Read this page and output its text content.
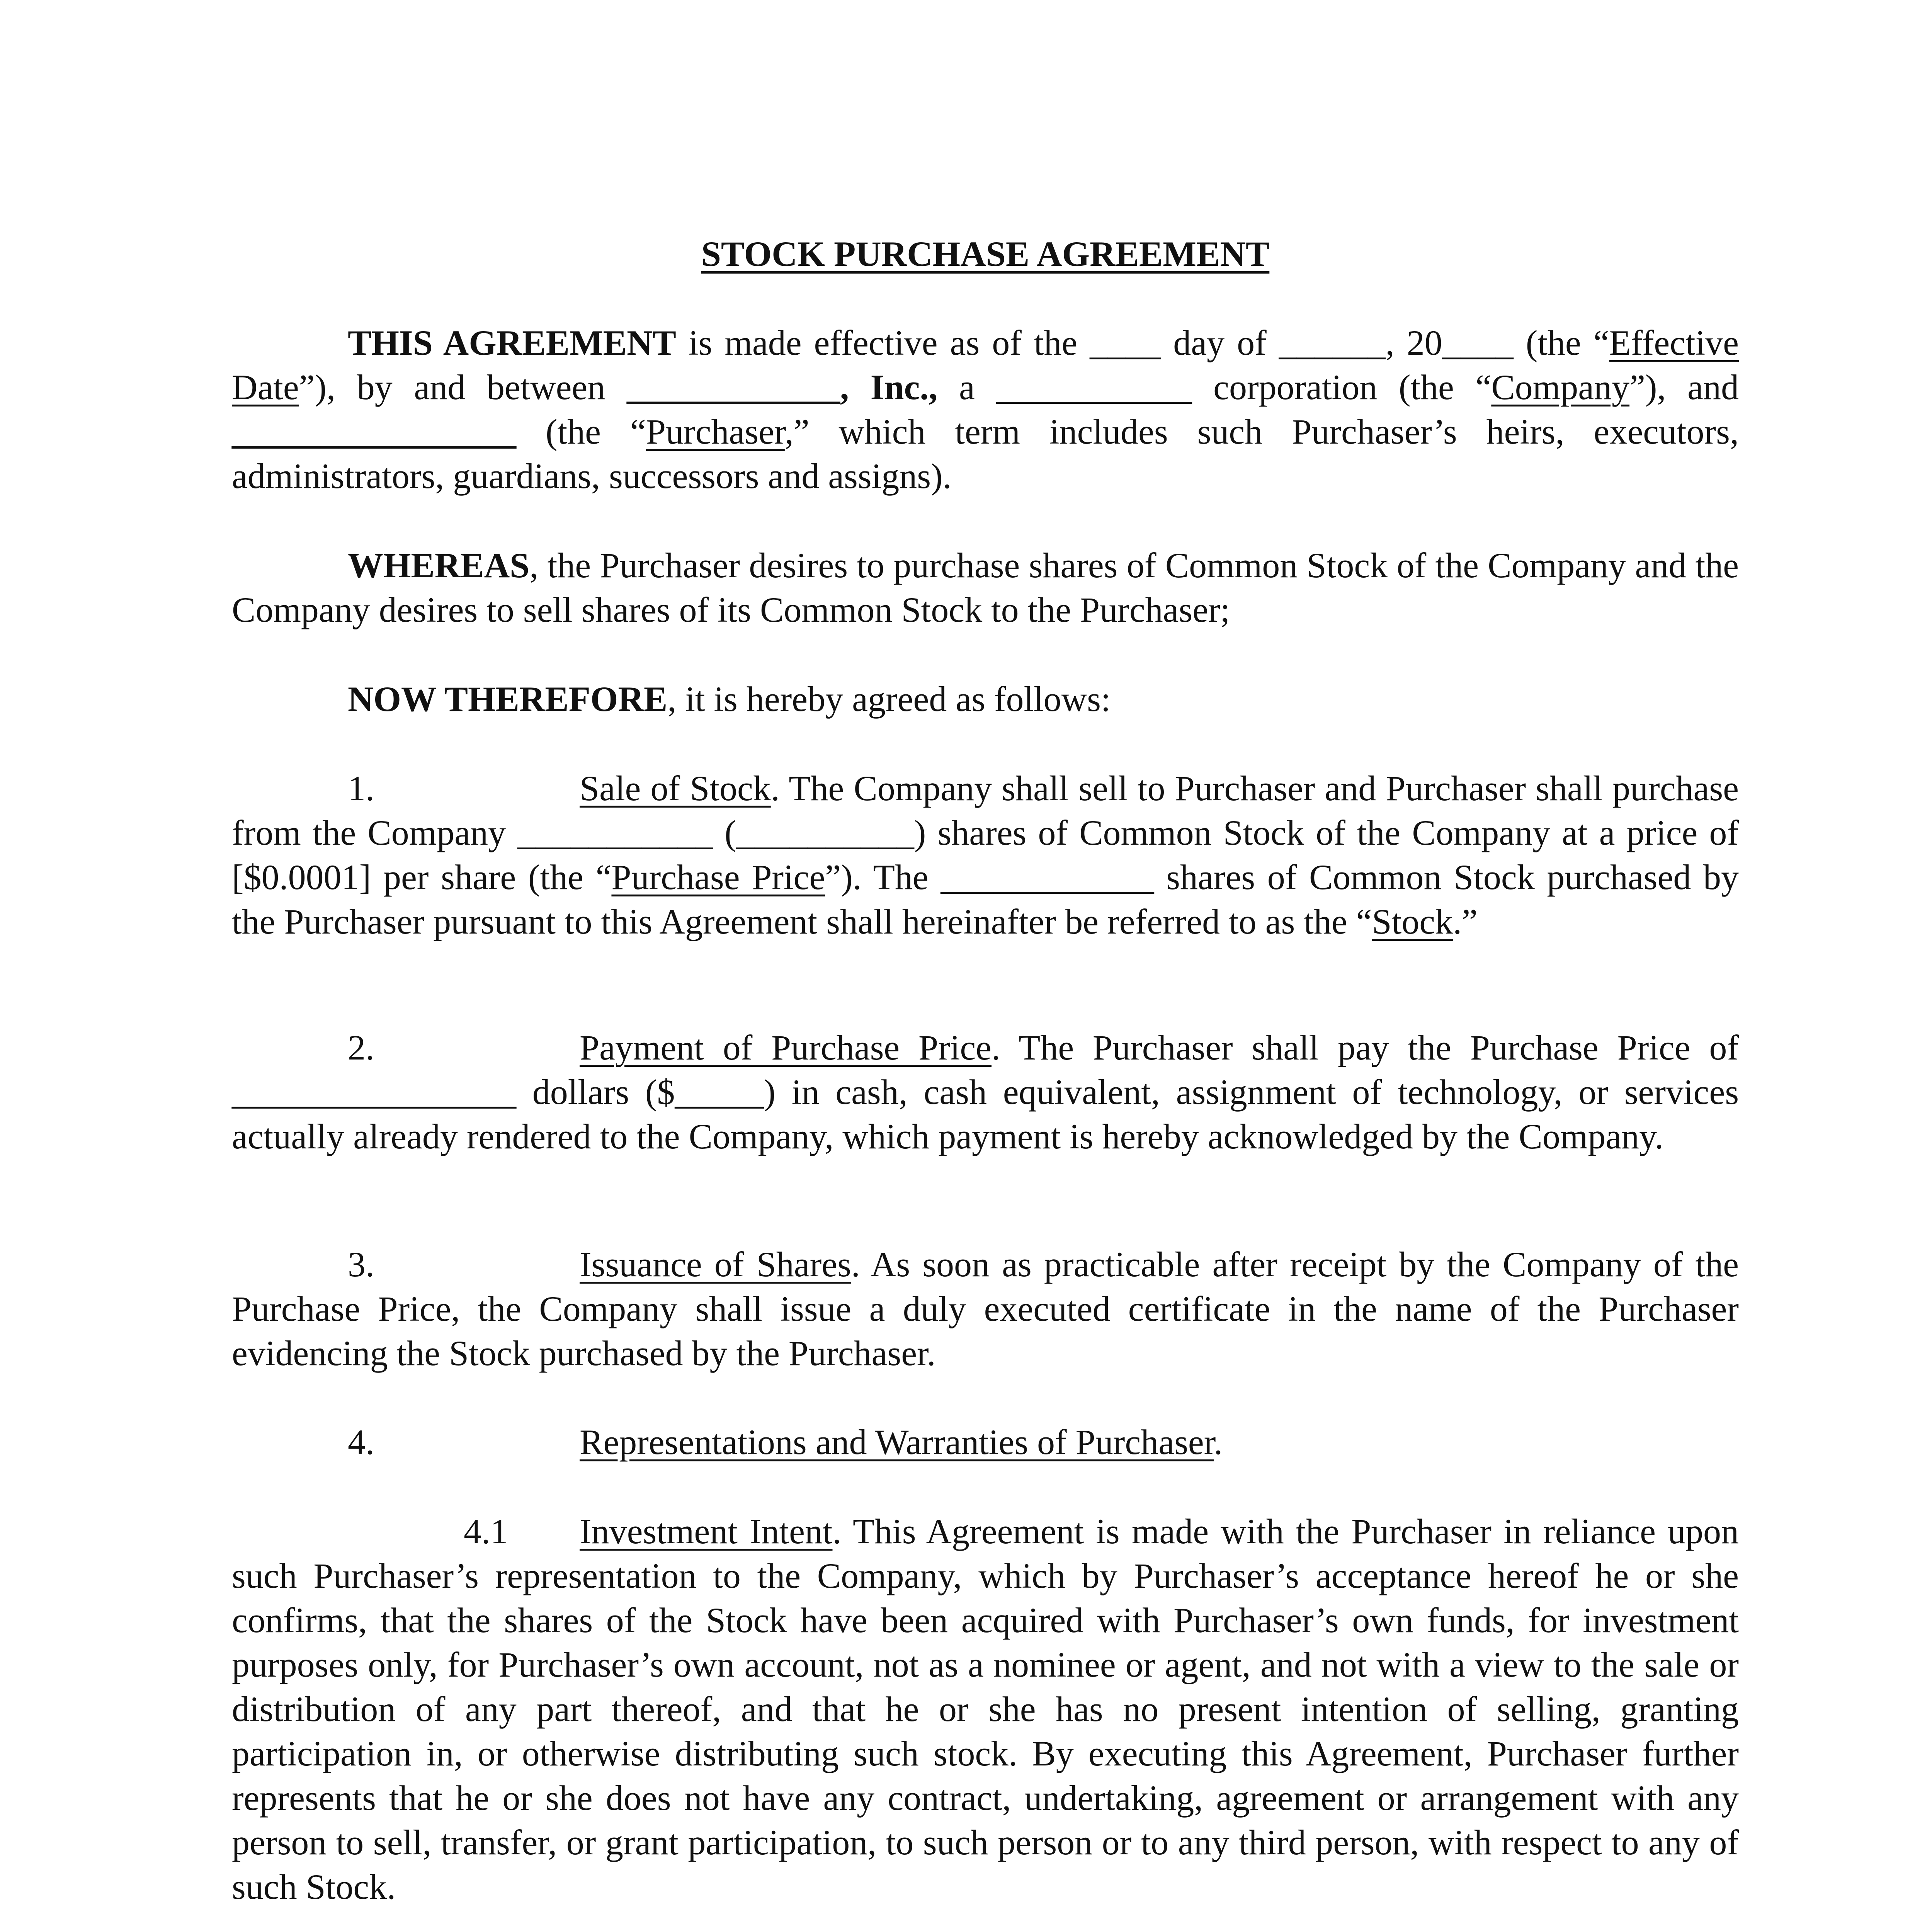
STOCK PURCHASE AGREEMENT
THIS AGREEMENT is made effective as of the ____ day of ______, 20____ (the “Effective Date”), by and between ____________, Inc., a ___________ corporation (the “Company”), and ________________ (the “Purchaser,” which term includes such Purchaser’s heirs, executors, administrators, guardians, successors and assigns).
WHEREAS, the Purchaser desires to purchase shares of Common Stock of the Company and the Company desires to sell shares of its Common Stock to the Purchaser;
NOW THEREFORE, it is hereby agreed as follows:
1.	Sale of Stock. The Company shall sell to Purchaser and Purchaser shall purchase from the Company ___________ (__________) shares of Common Stock of the Company at a price of [$0.0001] per share (the “Purchase Price”). The ____________ shares of Common Stock purchased by the Purchaser pursuant to this Agreement shall hereinafter be referred to as the “Stock.”
2.	Payment of Purchase Price. The Purchaser shall pay the Purchase Price of ________________ dollars ($_____) in cash, cash equivalent, assignment of technology, or services actually already rendered to the Company, which payment is hereby acknowledged by the Company.
3.	Issuance of Shares. As soon as practicable after receipt by the Company of the Purchase Price, the Company shall issue a duly executed certificate in the name of the Purchaser evidencing the Stock purchased by the Purchaser.
4.	Representations and Warranties of Purchaser.
4.1 Investment Intent. This Agreement is made with the Purchaser in reliance upon such Purchaser’s representation to the Company, which by Purchaser’s acceptance hereof he or she confirms, that the shares of the Stock have been acquired with Purchaser’s own funds, for investment purposes only, for Purchaser’s own account, not as a nominee or agent, and not with a view to the sale or distribution of any part thereof, and that he or she has no present intention of selling, granting participation in, or otherwise distributing such stock. By executing this Agreement, Purchaser further represents that he or she does not have any contract, undertaking, agreement or arrangement with any person to sell, transfer, or grant participation, to such person or to any third person, with respect to any of such Stock.
